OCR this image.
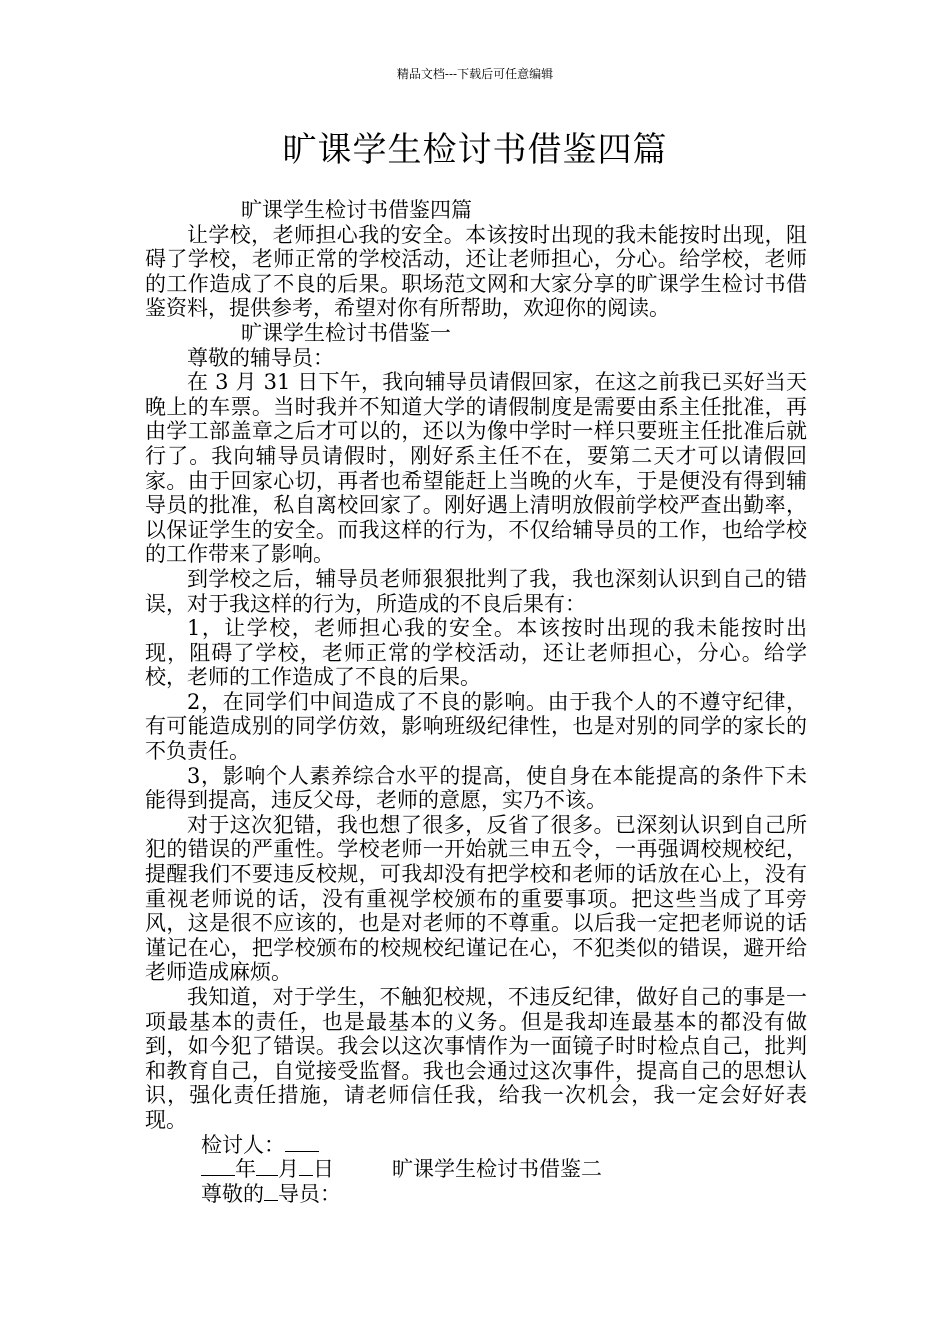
精品文档---下载后可任意编辑
旷课学生检讨书借鉴四篇

旷课学生检讨书借鉴四篇

让学校，老师担心我的安全。本该按时出现的我未能按时出现，阻碍了学校，老师正常的学校活动，还让老师担心，分心。给学校，老师的工作造成了不良的后果。职场范文网和大家分享的旷课学生检讨书借鉴资料，提供参考，希望对你有所帮助，欢迎你的阅读。

旷课学生检讨书借鉴一

尊敬的辅导员：

在 3 月 31 日下午，我向辅导员请假回家，在这之前我已买好当天晚上的车票。当时我并不知道大学的请假制度是需要由系主任批准，再由学工部盖章之后才可以的，还以为像中学时一样只要班主任批准后就行了。我向辅导员请假时，刚好系主任不在，要第二天才可以请假回家。由于回家心切，再者也希望能赶上当晚的火车，于是便没有得到辅导员的批准，私自离校回家了。刚好遇上清明放假前学校严查出勤率，以保证学生的安全。而我这样的行为，不仅给辅导员的工作，也给学校的工作带来了影响。

到学校之后，辅导员老师狠狠批判了我，我也深刻认识到自己的错误，对于我这样的行为，所造成的不良后果有：

1，让学校，老师担心我的安全。本该按时出现的我未能按时出现，阻碍了学校，老师正常的学校活动，还让老师担心，分心。给学校，老师的工作造成了不良的后果。

2，在同学们中间造成了不良的影响。由于我个人的不遵守纪律，有可能造成别的同学仿效，影响班级纪律性，也是对别的同学的家长的不负责任。

3，影响个人素养综合水平的提高，使自身在本能提高的条件下未能得到提高，违反父母，老师的意愿，实乃不该。

对于这次犯错，我也想了很多，反省了很多。已深刻认识到自己所犯的错误的严重性。学校老师一开始就三申五令，一再强调校规校纪，提醒我们不要违反校规，可我却没有把学校和老师的话放在心上，没有重视老师说的话，没有重视学校颁布的重要事项。把这些当成了耳旁风，这是很不应该的，也是对老师的不尊重。以后我一定把老师说的话谨记在心，把学校颁布的校规校纪谨记在心，不犯类似的错误，避开给老师造成麻烦。

我知道，对于学生，不触犯校规，不违反纪律，做好自己的事是一项最基本的责任，也是最基本的义务。但是我却连最基本的都没有做到，如今犯了错误。我会以这次事情作为一面镜子时时检点自己，批判和教育自己，自觉接受监督。我也会通过这次事件，提高自己的思想认识，强化责任措施，请老师信任我，给我一次机会，我一定会好好表现。

检讨人：

年 月 日	旷课学生检讨书借鉴二

尊敬的 导员：
